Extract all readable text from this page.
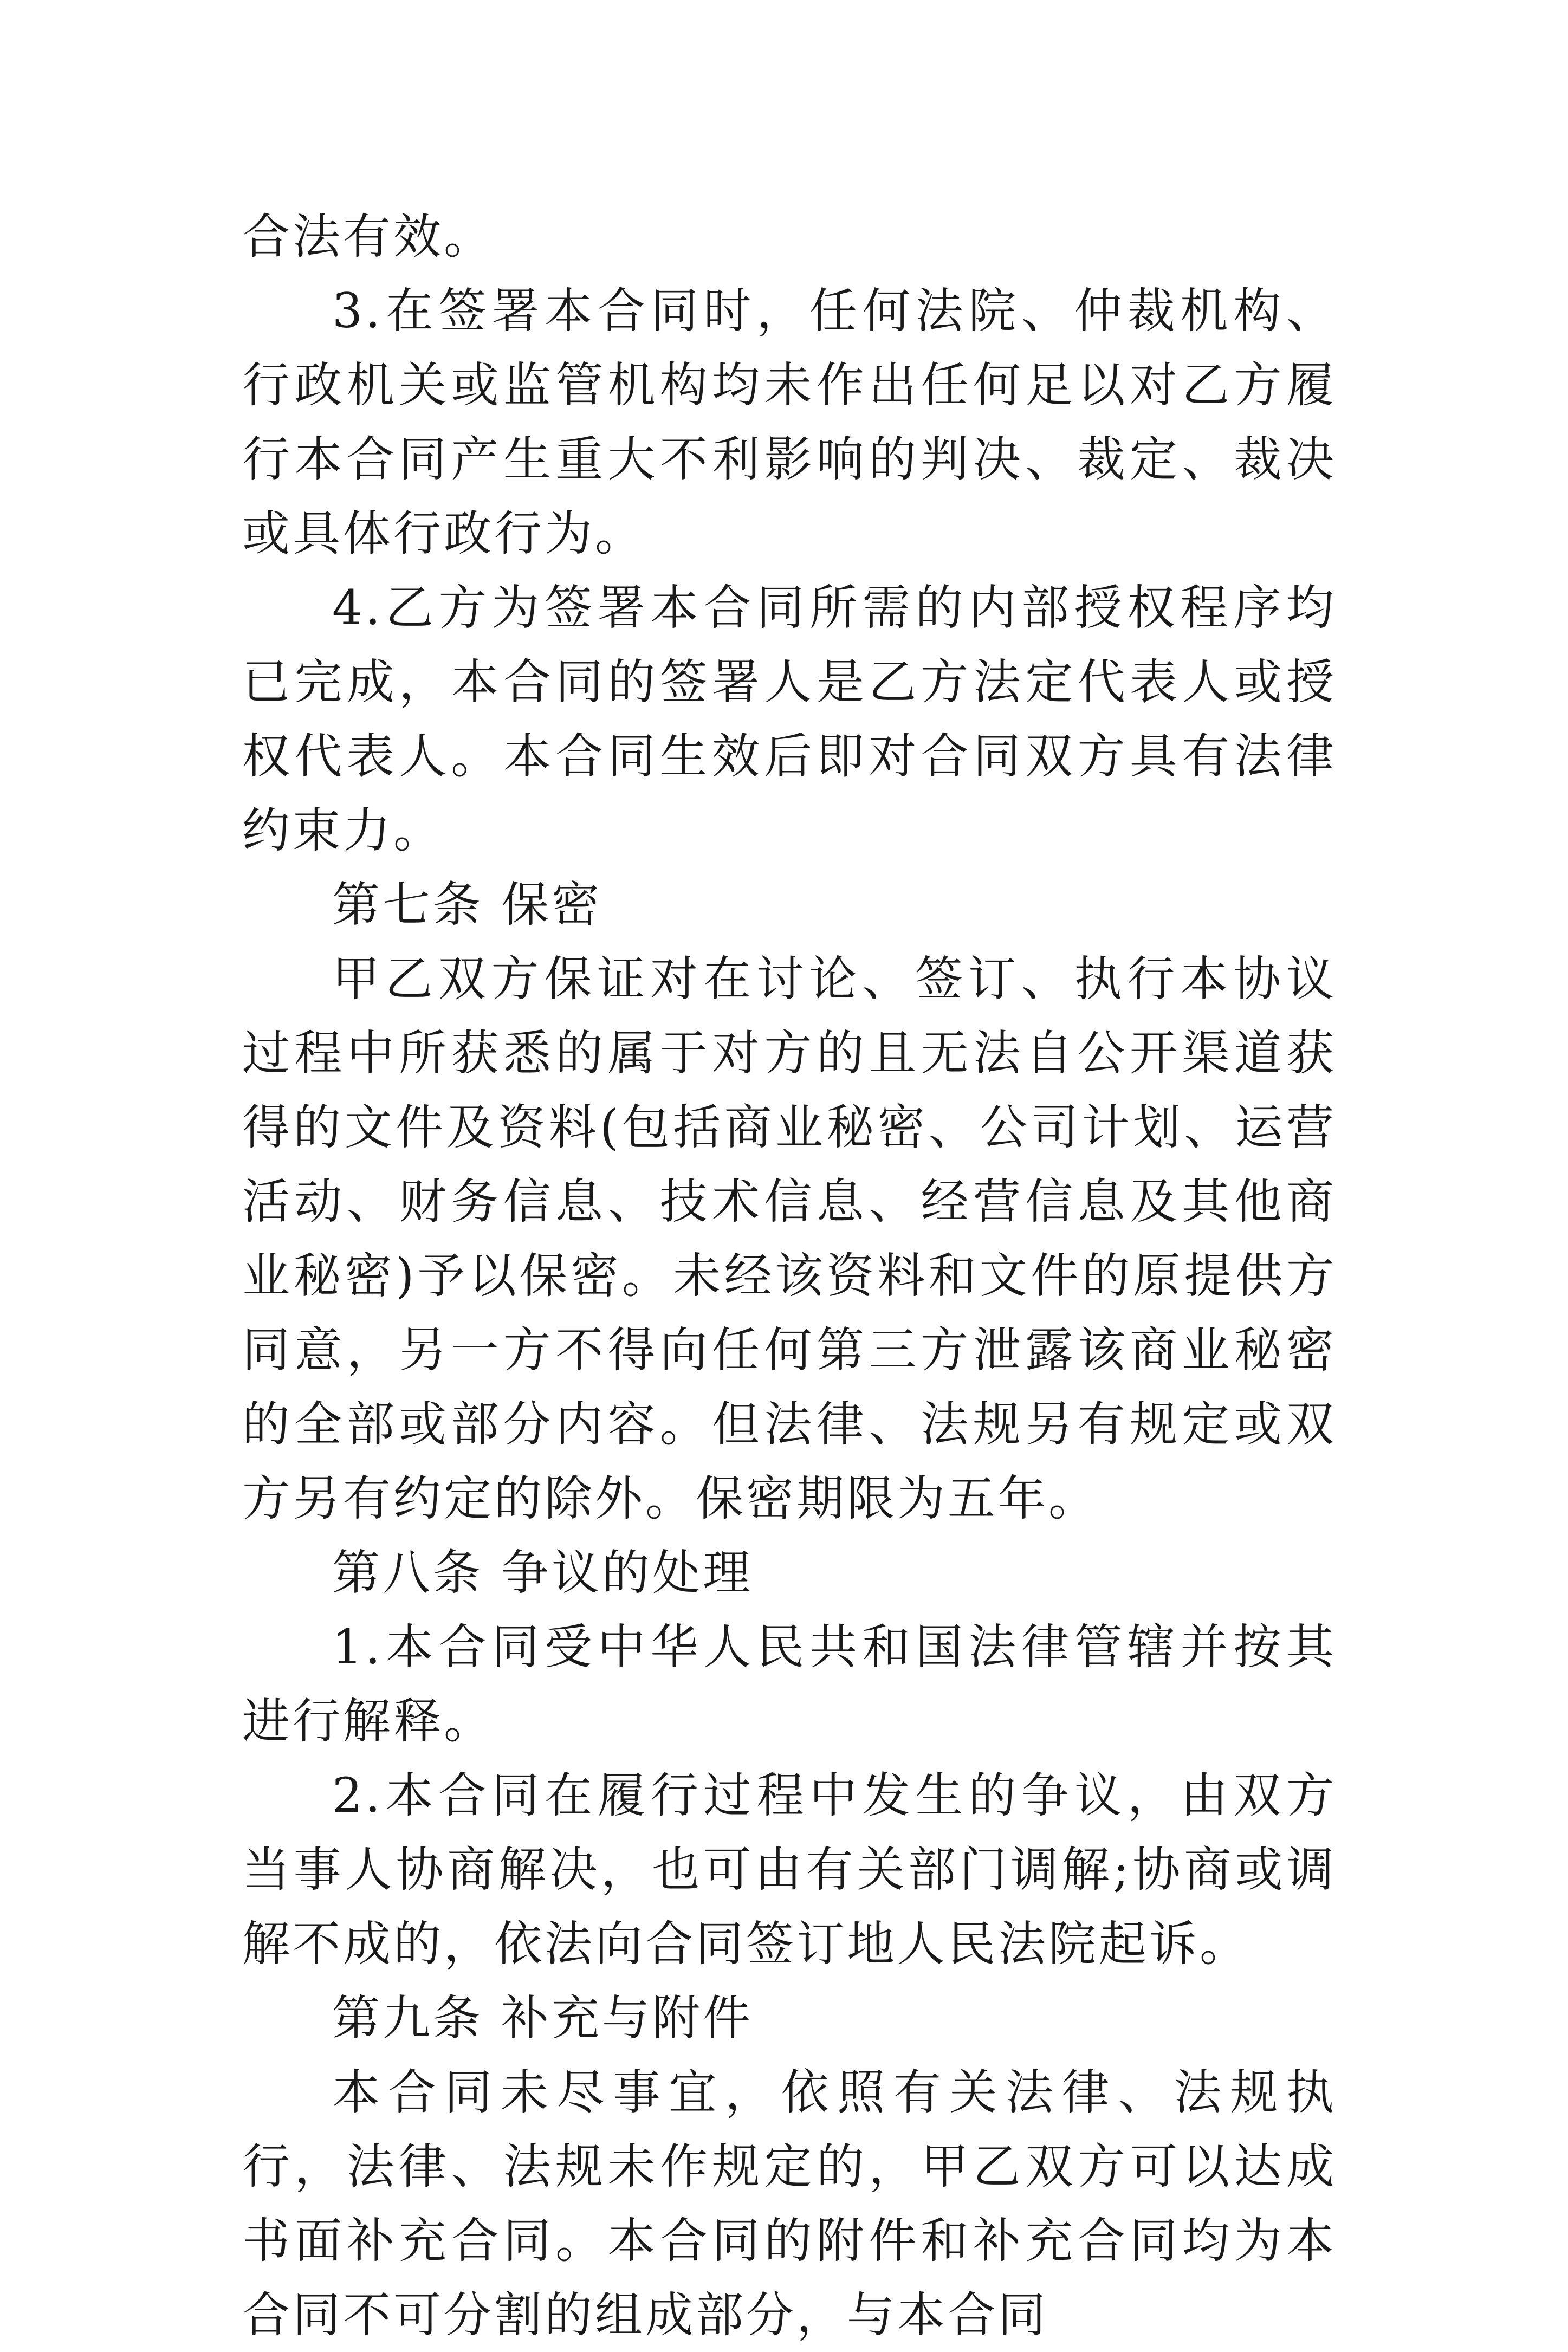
合法有效。

3.在签署本合同时，任何法院、仲裁机构、行政机关或监管机构均未作出任何足以对乙方履行本合同产生重大不利影响的判决、裁定、裁决或具体行政行为。

4.乙方为签署本合同所需的内部授权程序均已完成，本合同的签署人是乙方法定代表人或授权代表人。本合同生效后即对合同双方具有法律约束力。

第七条 保密

甲乙双方保证对在讨论、签订、执行本协议过程中所获悉的属于对方的且无法自公开渠道获得的文件及资料(包括商业秘密、公司计划、运营活动、财务信息、技术信息、经营信息及其他商业秘密)予以保密。未经该资料和文件的原提供方同意，另一方不得向任何第三方泄露该商业秘密的全部或部分内容。但法律、法规另有规定或双方另有约定的除外。保密期限为五年。

第八条 争议的处理

1.本合同受中华人民共和国法律管辖并按其进行解释。

2.本合同在履行过程中发生的争议，由双方当事人协商解决，也可由有关部门调解;协商或调解不成的，依法向合同签订地人民法院起诉。

第九条 补充与附件

本合同未尽事宜，依照有关法律、法规执行，法律、法规未作规定的，甲乙双方可以达成书面补充合同。本合同的附件和补充合同均为本合同不可分割的组成部分，与本合同
